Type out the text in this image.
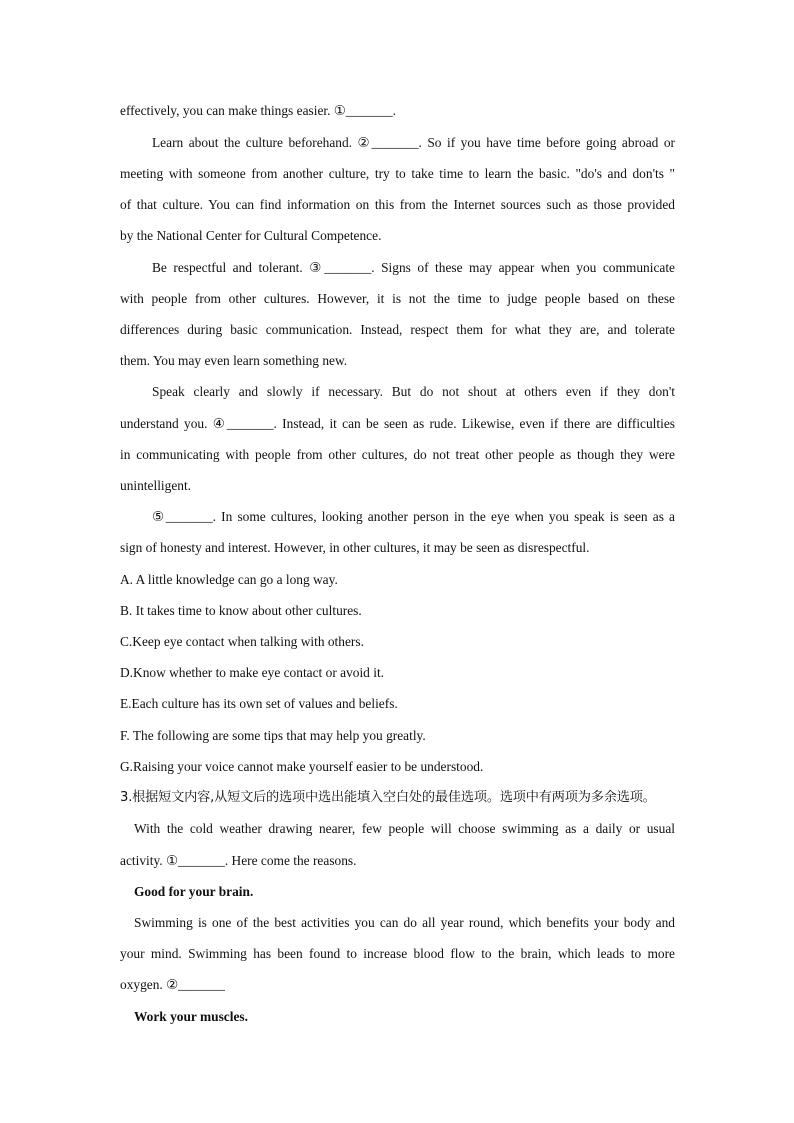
effectively, you can make things easier. ①_______.
Learn about the culture beforehand. ②_______. So if you have time before going abroad or
meeting with someone from another culture, try to take time to learn the basic. "do's and don'ts "
of that culture. You can find information on this from the Internet sources such as those provided
by the National Center for Cultural Competence.
Be respectful and tolerant. ③_______. Signs of these may appear when you communicate
with people from other cultures. However, it is not the time to judge people based on these
differences during basic communication. Instead, respect them for what they are, and tolerate
them. You may even learn something new.
Speak clearly and slowly if necessary. But do not shout at others even if they don't
understand you. ④_______. Instead, it can be seen as rude. Likewise, even if there are difficulties
in communicating with people from other cultures, do not treat other people as though they were
unintelligent.
⑤_______. In some cultures, looking another person in the eye when you speak is seen as a
sign of honesty and interest. However, in other cultures, it may be seen as disrespectful.
A. A little knowledge can go a long way.
B. It takes time to know about other cultures.
C.Keep eye contact when talking with others.
D.Know whether to make eye contact or avoid it.
E.Each culture has its own set of values and beliefs.
F. The following are some tips that may help you greatly.
G.Raising your voice cannot make yourself easier to be understood.
3.根据短文内容,从短文后的选项中选出能填入空白处的最佳选项。选项中有两项为多余选项。
With the cold weather drawing nearer, few people will choose swimming as a daily or usual
activity. ①_______. Here come the reasons.
Good for your brain.
Swimming is one of the best activities you can do all year round, which benefits your body and
your mind. Swimming has been found to increase blood flow to the brain, which leads to more
oxygen. ②_______
Work your muscles.
